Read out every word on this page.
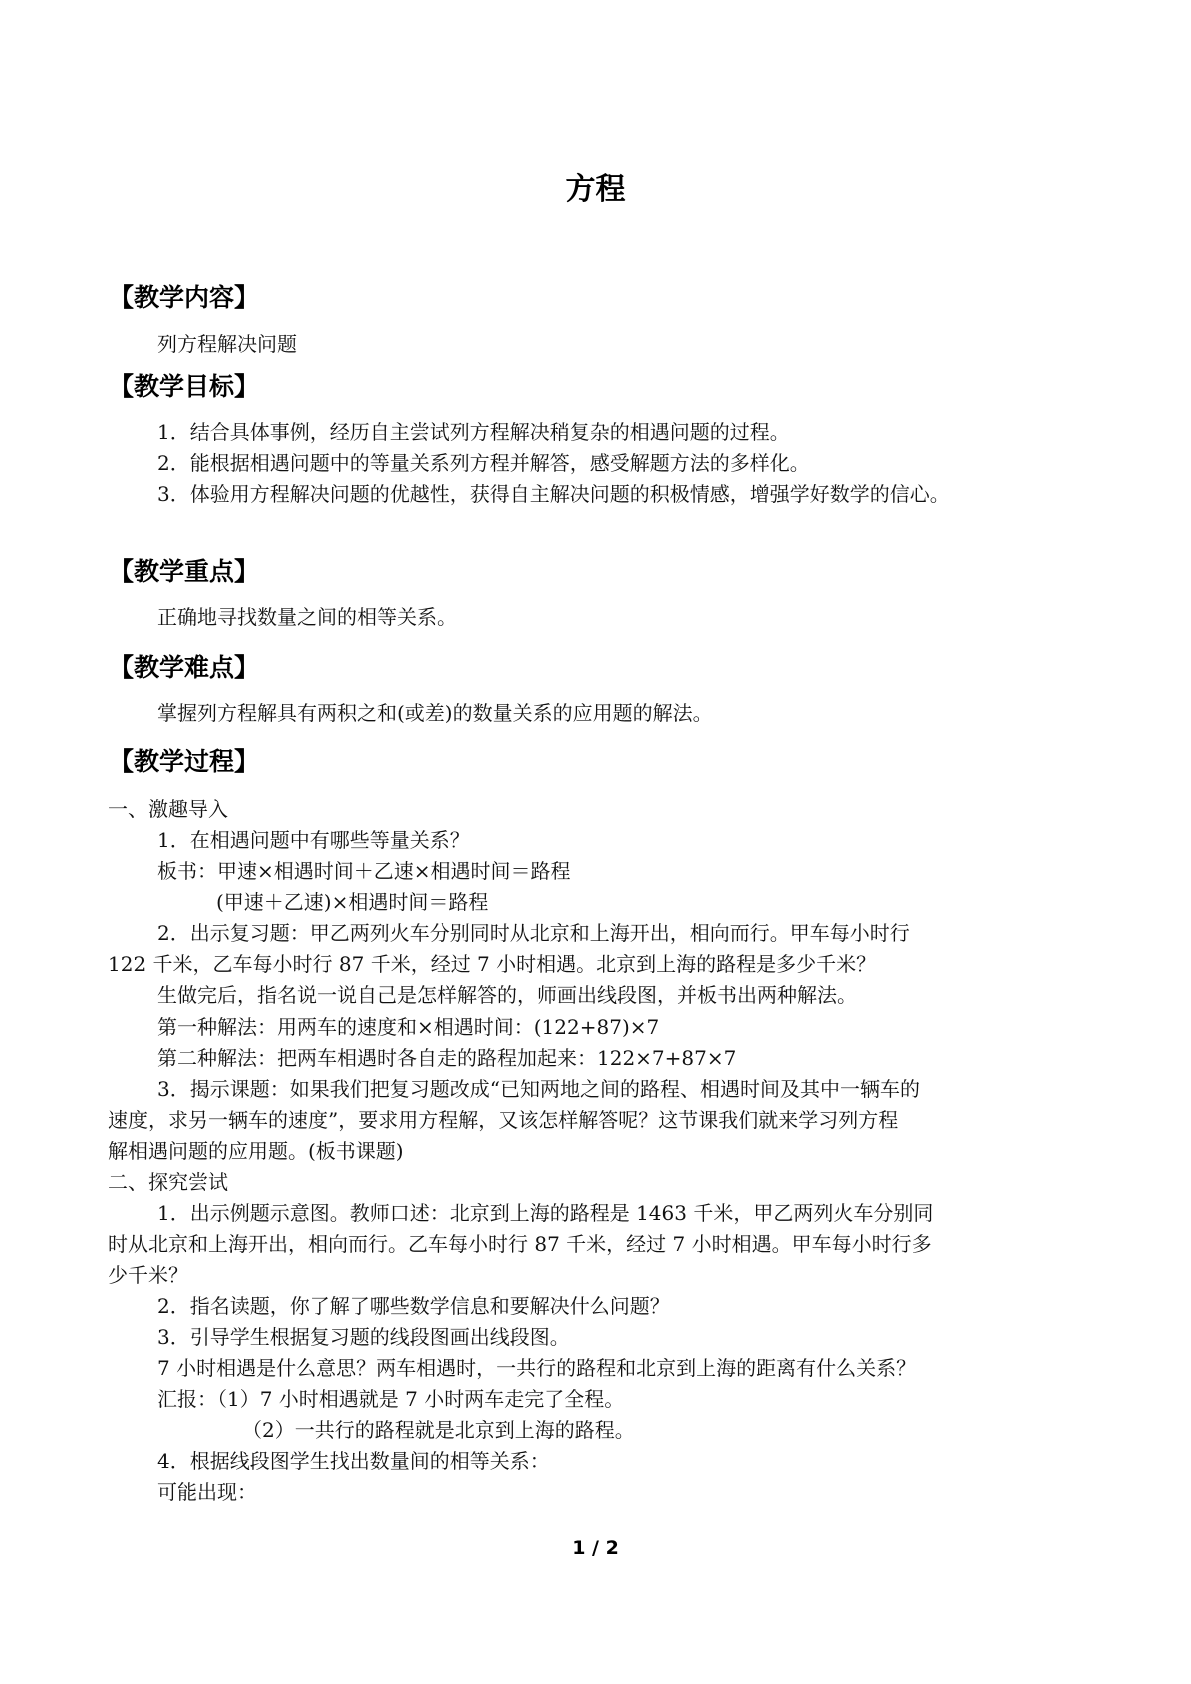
方程
【教学内容】
列方程解决问题
【教学目标】
1．结合具体事例，经历自主尝试列方程解决稍复杂的相遇问题的过程。
2．能根据相遇问题中的等量关系列方程并解答，感受解题方法的多样化。
3．体验用方程解决问题的优越性，获得自主解决问题的积极情感，增强学好数学的信心。
【教学重点】
正确地寻找数量之间的相等关系。
【教学难点】
掌握列方程解具有两积之和(或差)的数量关系的应用题的解法。
【教学过程】
一、激趣导入
1．在相遇问题中有哪些等量关系？
板书：甲速×相遇时间＋乙速×相遇时间＝路程
(甲速＋乙速)×相遇时间＝路程
2．出示复习题：甲乙两列火车分别同时从北京和上海开出，相向而行。甲车每小时行
122 千米，乙车每小时行 87 千米，经过 7 小时相遇。北京到上海的路程是多少千米？
生做完后，指名说一说自己是怎样解答的，师画出线段图，并板书出两种解法。
第一种解法：用两车的速度和×相遇时间：(122+87)×7
第二种解法：把两车相遇时各自走的路程加起来：122×7+87×7
3．揭示课题：如果我们把复习题改成“已知两地之间的路程、相遇时间及其中一辆车的
速度，求另一辆车的速度”，要求用方程解，又该怎样解答呢？这节课我们就来学习列方程
解相遇问题的应用题。(板书课题)
二、探究尝试
1．出示例题示意图。教师口述：北京到上海的路程是 1463 千米，甲乙两列火车分别同
时从北京和上海开出，相向而行。乙车每小时行 87 千米，经过 7 小时相遇。甲车每小时行多
少千米？
2．指名读题，你了解了哪些数学信息和要解决什么问题？
3．引导学生根据复习题的线段图画出线段图。
7 小时相遇是什么意思？两车相遇时，一共行的路程和北京到上海的距离有什么关系？
汇报：（1）7 小时相遇就是 7 小时两车走完了全程。
（2）一共行的路程就是北京到上海的路程。
4．根据线段图学生找出数量间的相等关系：
可能出现：
1 / 2
